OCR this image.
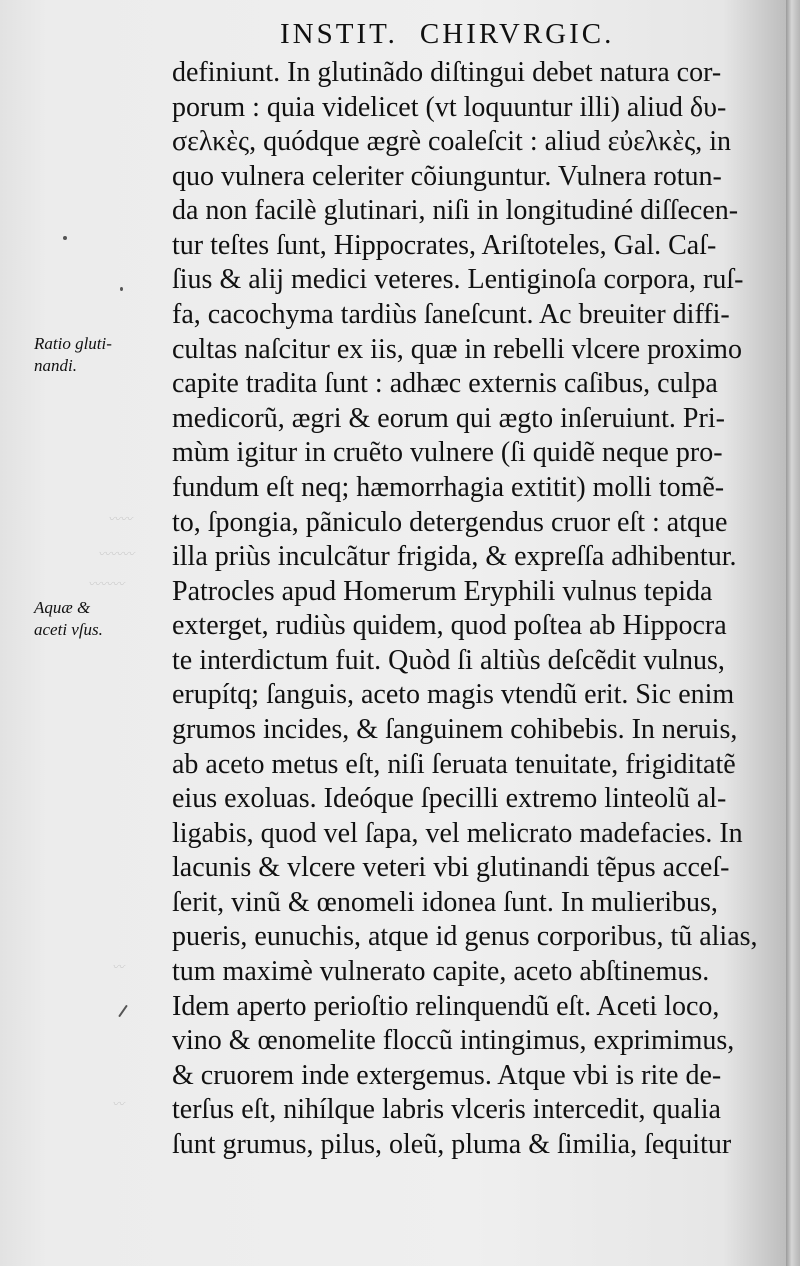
INSTIT. CHIRVRGIC.
Ratio gluti-
nandi.
Aquæ &
aceti vſus.
〰〰
〰〰〰
〰〰〰
〰
〰
definiunt. In glutinãdo diſtingui debet natura cor-
porum : quia videlicet (vt loquuntur illi) aliud δυ-
σελκὲς, quódque ægrè coaleſcit : aliud εὐελκὲς, in
quo vulnera celeriter cõiunguntur. Vulnera rotun-
da non facilè glutinari, niſi in longitudiné diſſecen-
tur teſtes ſunt, Hippocrates, Ariſtoteles, Gal. Caſ-
ſius & alij medici veteres. Lentiginoſa corpora, ruſ-
fa, cacochyma tardiùs ſaneſcunt. Ac breuiter diffi-
cultas naſcitur ex iis, quæ in rebelli vlcere proximo
capite tradita ſunt : adhæc externis caſibus, culpa
medicorũ, ægri & eorum qui ægto inſeruiunt. Pri-
mùm igitur in cruẽto vulnere (ſi quidẽ neque pro-
fundum eſt neq; hæmorrhagia extitit) molli tomẽ-
to, ſpongia, pãniculo detergendus cruor eſt : atque
illa priùs inculcãtur frigida, & expreſſa adhibentur.
Patrocles apud Homerum Eryphili vulnus tepida
exterget, rudiùs quidem, quod poſtea ab Hippocra
te interdictum fuit. Quòd ſi altiùs deſcẽdit vulnus,
erupítq; ſanguis, aceto magis vtendũ erit. Sic enim
grumos incides, & ſanguinem cohibebis. In neruis,
ab aceto metus eſt, niſi ſeruata tenuitate, frigiditatẽ
eius exoluas. Ideóque ſpecilli extremo linteolũ al-
ligabis, quod vel ſapa, vel melicrato madefacies. In
lacunis & vlcere veteri vbi glutinandi tẽpus acceſ-
ſerit, vinũ & œnomeli idonea ſunt. In mulieribus,
pueris, eunuchis, atque id genus corporibus, tũ alias,
tum maximè vulnerato capite, aceto abſtinemus.
Idem aperto perioſtio relinquendũ eſt. Aceti loco,
vino & œnomelite floccũ intingimus, exprimimus,
& cruorem inde extergemus. Atque vbi is rite de-
terſus eſt, nihílque labris vlceris intercedit, qualia
ſunt grumus, pilus, oleũ, pluma & ſimilia, ſequitur
